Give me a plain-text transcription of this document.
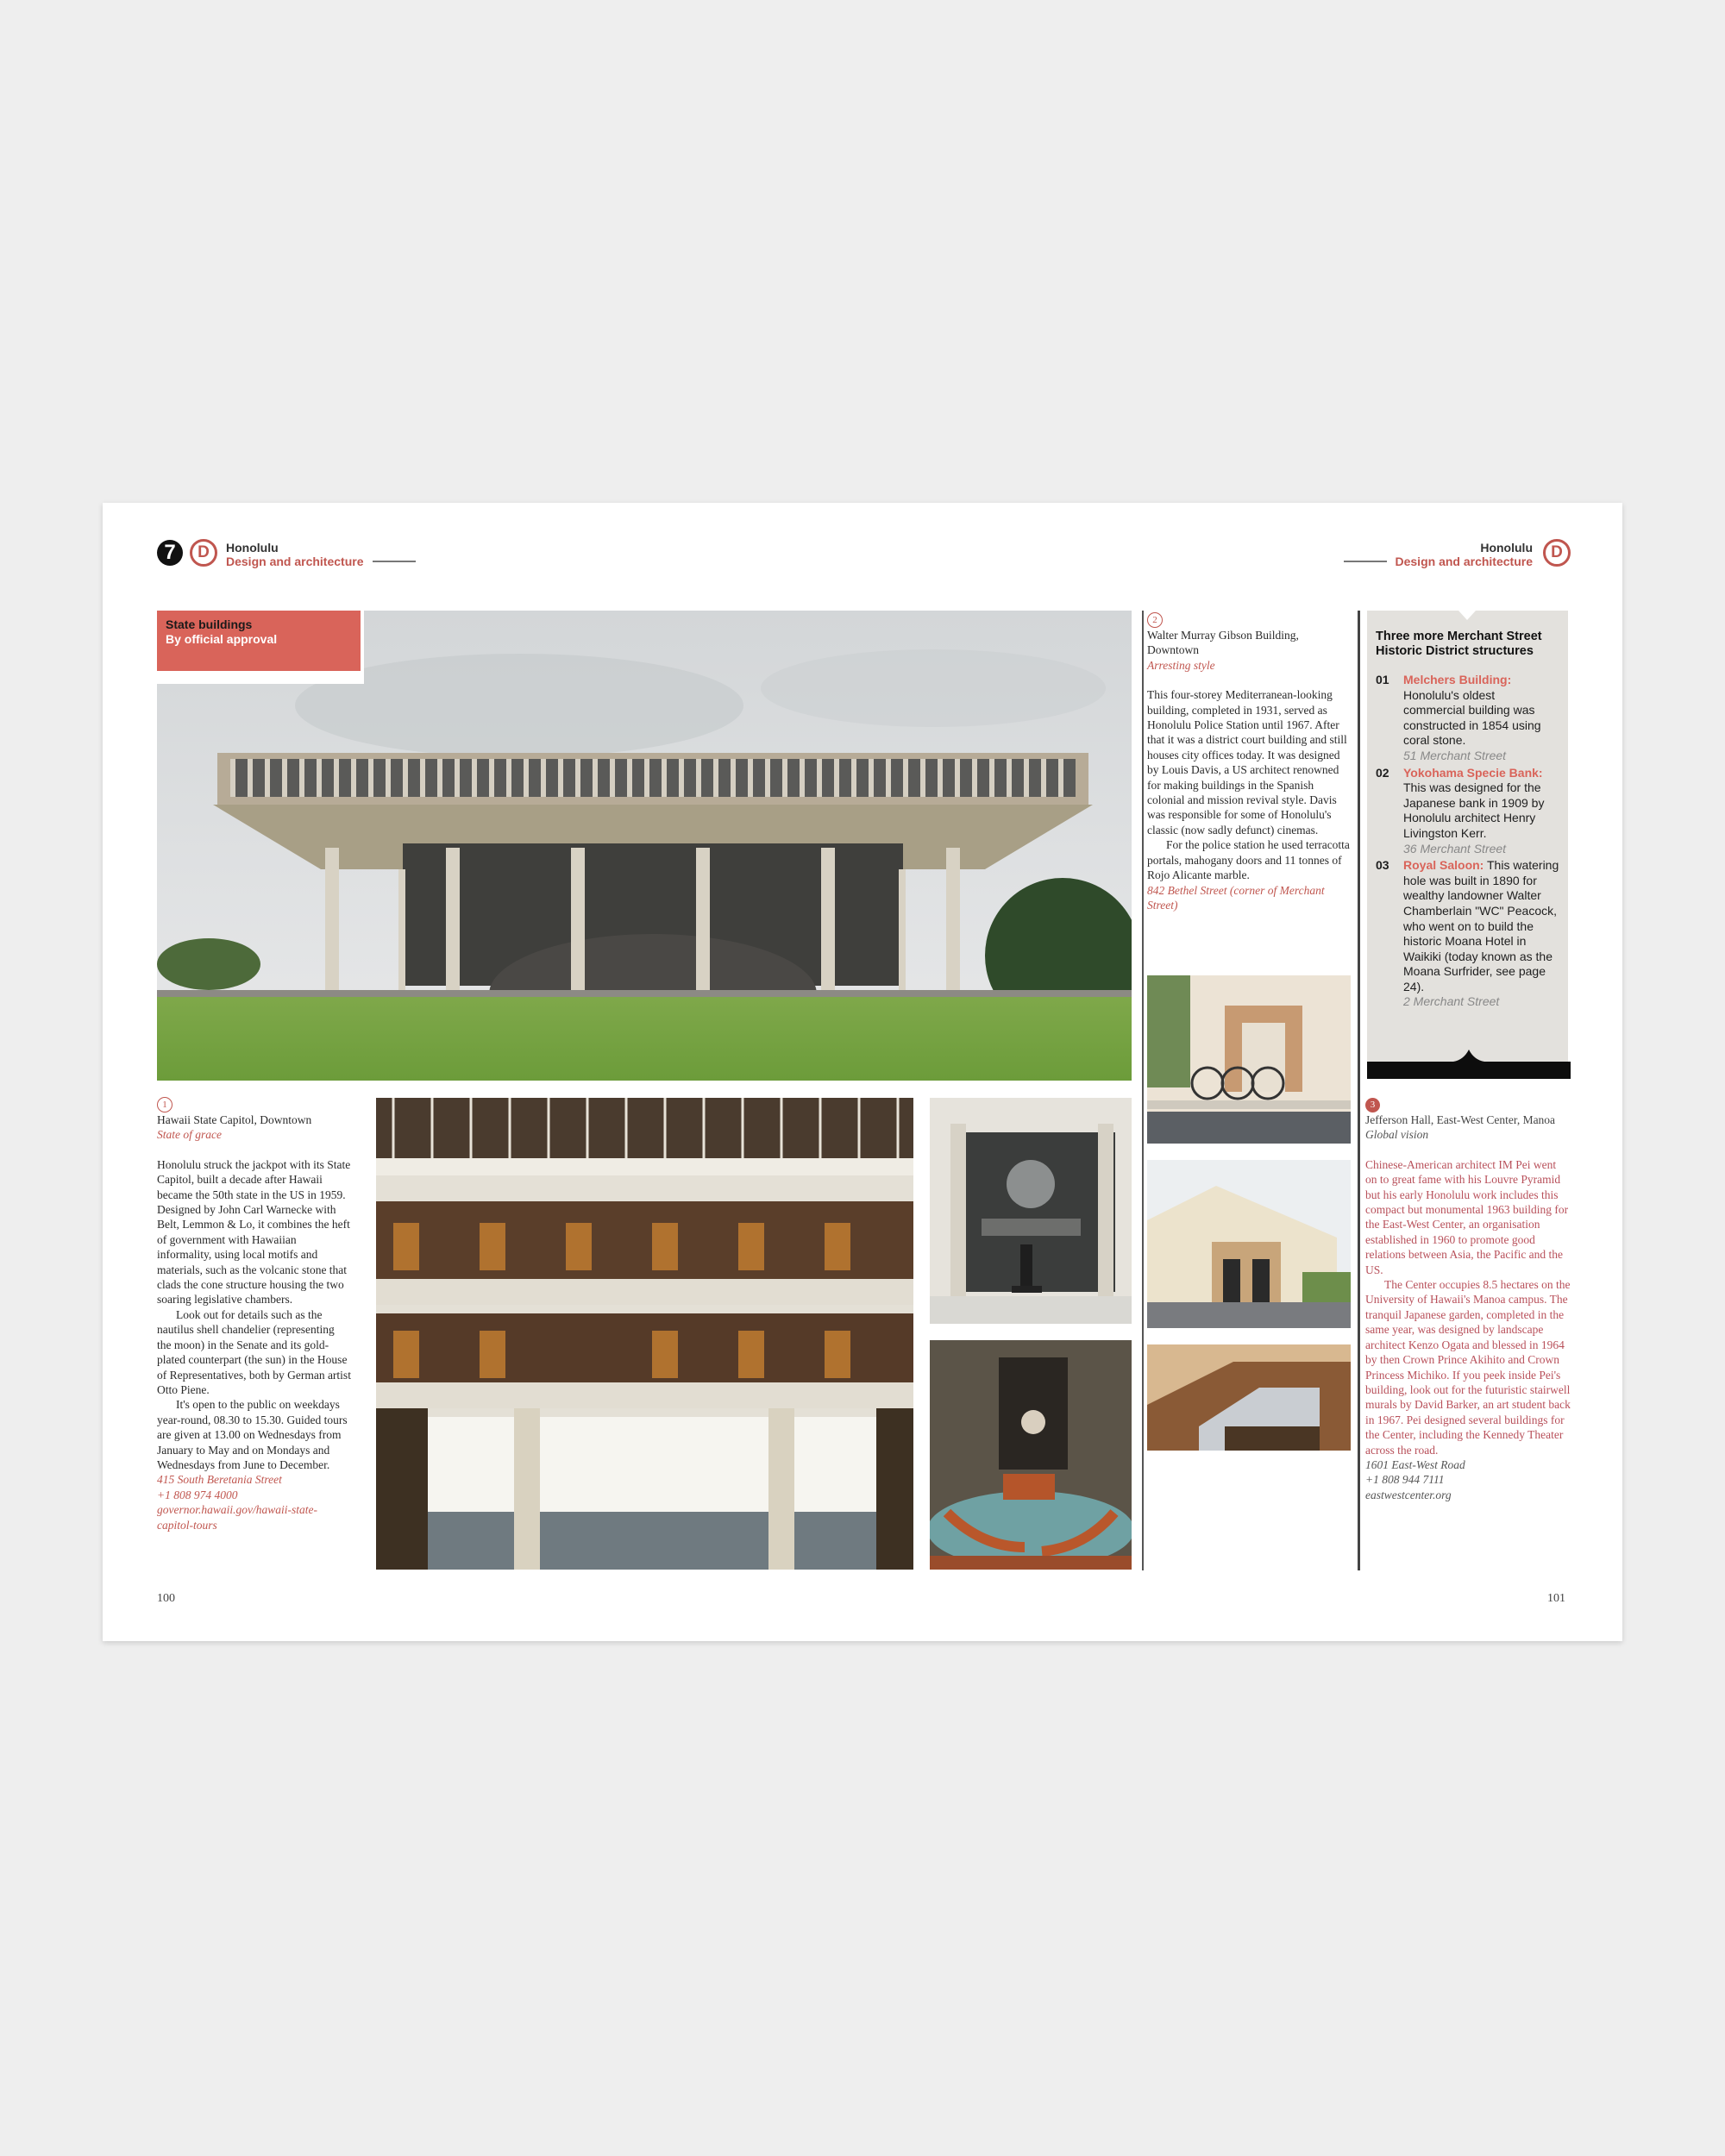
7	D	Honolulu
Design and architecture
Honolulu
Design and architecture	D
State buildings
By official approval
1
Hawaii State Capitol, Downtown
State of grace

Honolulu struck the jackpot with its State Capitol, built a decade after Hawaii became the 50th state in the US in 1959. Designed by John Carl Warnecke with Belt, Lemmon & Lo, it combines the heft of government with Hawaiian informality, using local motifs and materials, such as the volcanic stone that clads the cone structure housing the two soaring legislative chambers.

Look out for details such as the nautilus shell chandelier (representing the moon) in the Senate and its gold-plated counterpart (the sun) in the House of Representatives, both by German artist Otto Piene.

It's open to the public on weekdays year-round, 08.30 to 15.30. Guided tours are given at 13.00 on Wednesdays from January to May and on Mondays and Wednesdays from June to December.

415 South Beretania Street
+1 808 974 4000
governor.hawaii.gov/hawaii-state-capitol-tours
2
Walter Murray Gibson Building, Downtown
Arresting style

This four-storey Mediterranean-looking building, completed in 1931, served as Honolulu Police Station until 1967. After that it was a district court building and still houses city offices today. It was designed by Louis Davis, a US architect renowned for making buildings in the Spanish colonial and mission revival style. Davis was responsible for some of Honolulu's classic (now sadly defunct) cinemas.

For the police station he used terracotta portals, mahogany doors and 11 tonnes of Rojo Alicante marble.

842 Bethel Street (corner of Merchant Street)
Three more Merchant Street Historic District structures
01	Melchers Building: Honolulu's oldest commercial building was constructed in 1854 using coral stone.
51 Merchant Street
02	Yokohama Specie Bank: This was designed for the Japanese bank in 1909 by Honolulu architect Henry Livingston Kerr.
36 Merchant Street
03	Royal Saloon: This watering hole was built in 1890 for wealthy landowner Walter Chamberlain "WC" Peacock, who went on to build the historic Moana Hotel in Waikiki (today known as the Moana Surfrider, see page 24).
2 Merchant Street
3
Jefferson Hall, East-West Center, Manoa
Global vision

Chinese-American architect IM Pei went on to great fame with his Louvre Pyramid but his early Honolulu work includes this compact but monumental 1963 building for the East-West Center, an organisation established in 1960 to promote good relations between Asia, the Pacific and the US.

The Center occupies 8.5 hectares on the University of Hawaii's Manoa campus. The tranquil Japanese garden, completed in the same year, was designed by landscape architect Kenzo Ogata and blessed in 1964 by then Crown Prince Akihito and Crown Princess Michiko. If you peek inside Pei's building, look out for the futuristic stairwell murals by David Barker, an art student back in 1967. Pei designed several buildings for the Center, including the Kennedy Theater across the road.

1601 East-West Road
+1 808 944 7111
eastwestcenter.org
100	101
